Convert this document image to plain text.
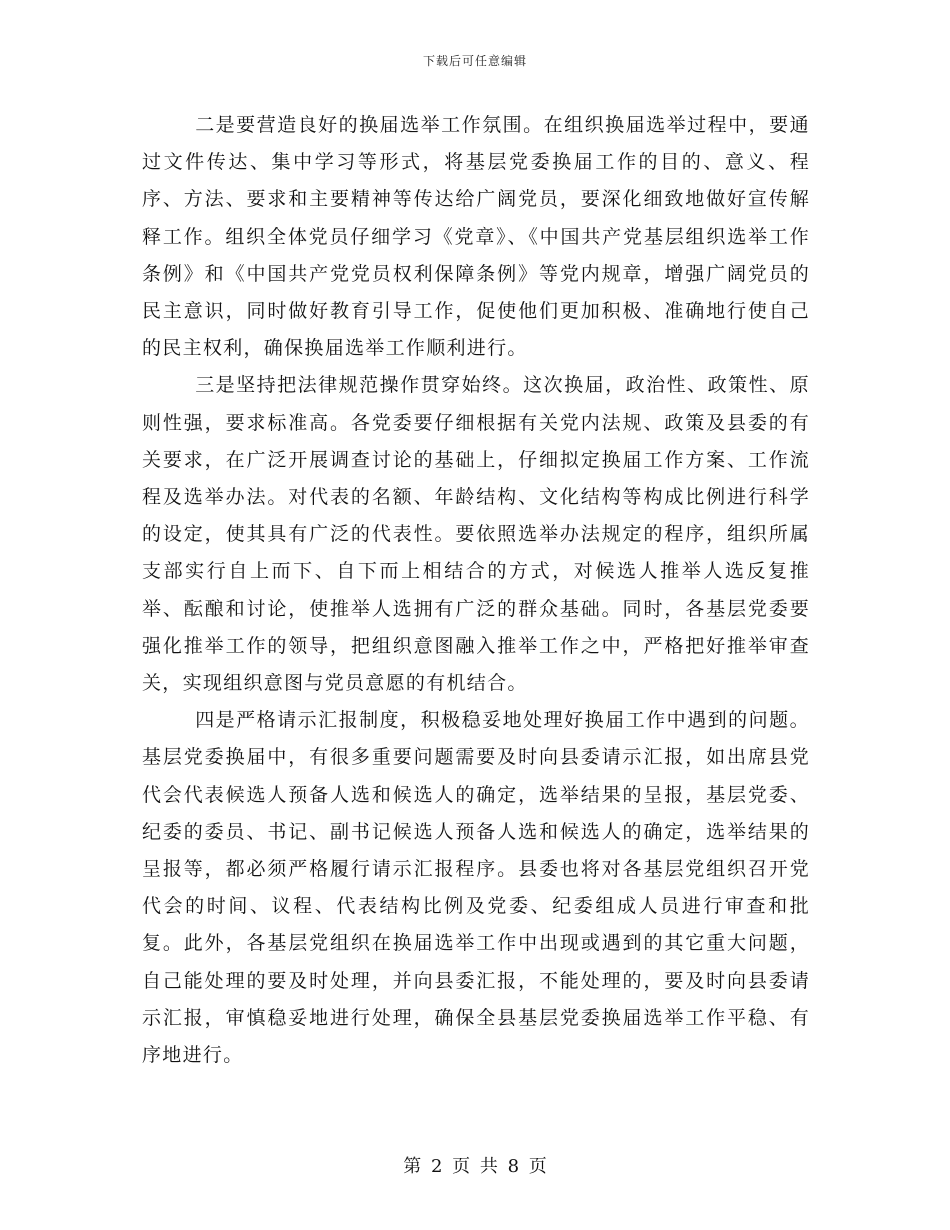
下载后可任意编辑

二是要营造良好的换届选举工作氛围。在组织换届选举过程中，要通过文件传达、集中学习等形式，将基层党委换届工作的目的、意义、程序、方法、要求和主要精神等传达给广阔党员，要深化细致地做好宣传解释工作。组织全体党员仔细学习《党章》、《中国共产党基层组织选举工作条例》和《中国共产党党员权利保障条例》等党内规章，增强广阔党员的民主意识，同时做好教育引导工作，促使他们更加积极、准确地行使自己的民主权利，确保换届选举工作顺利进行。

三是坚持把法律规范操作贯穿始终。这次换届，政治性、政策性、原则性强，要求标准高。各党委要仔细根据有关党内法规、政策及县委的有关要求，在广泛开展调查讨论的基础上，仔细拟定换届工作方案、工作流程及选举办法。对代表的名额、年龄结构、文化结构等构成比例进行科学的设定，使其具有广泛的代表性。要依照选举办法规定的程序，组织所属支部实行自上而下、自下而上相结合的方式，对候选人推举人选反复推举、酝酿和讨论，使推举人选拥有广泛的群众基础。同时，各基层党委要强化推举工作的领导，把组织意图融入推举工作之中，严格把好推举审查关，实现组织意图与党员意愿的有机结合。

四是严格请示汇报制度，积极稳妥地处理好换届工作中遇到的问题。基层党委换届中，有很多重要问题需要及时向县委请示汇报，如出席县党代会代表候选人预备人选和候选人的确定，选举结果的呈报，基层党委、纪委的委员、书记、副书记候选人预备人选和候选人的确定，选举结果的呈报等，都必须严格履行请示汇报程序。县委也将对各基层党组织召开党代会的时间、议程、代表结构比例及党委、纪委组成人员进行审查和批复。此外，各基层党组织在换届选举工作中出现或遇到的其它重大问题，自己能处理的要及时处理，并向县委汇报，不能处理的，要及时向县委请示汇报，审慎稳妥地进行处理，确保全县基层党委换届选举工作平稳、有序地进行。

第 2 页 共 8 页
